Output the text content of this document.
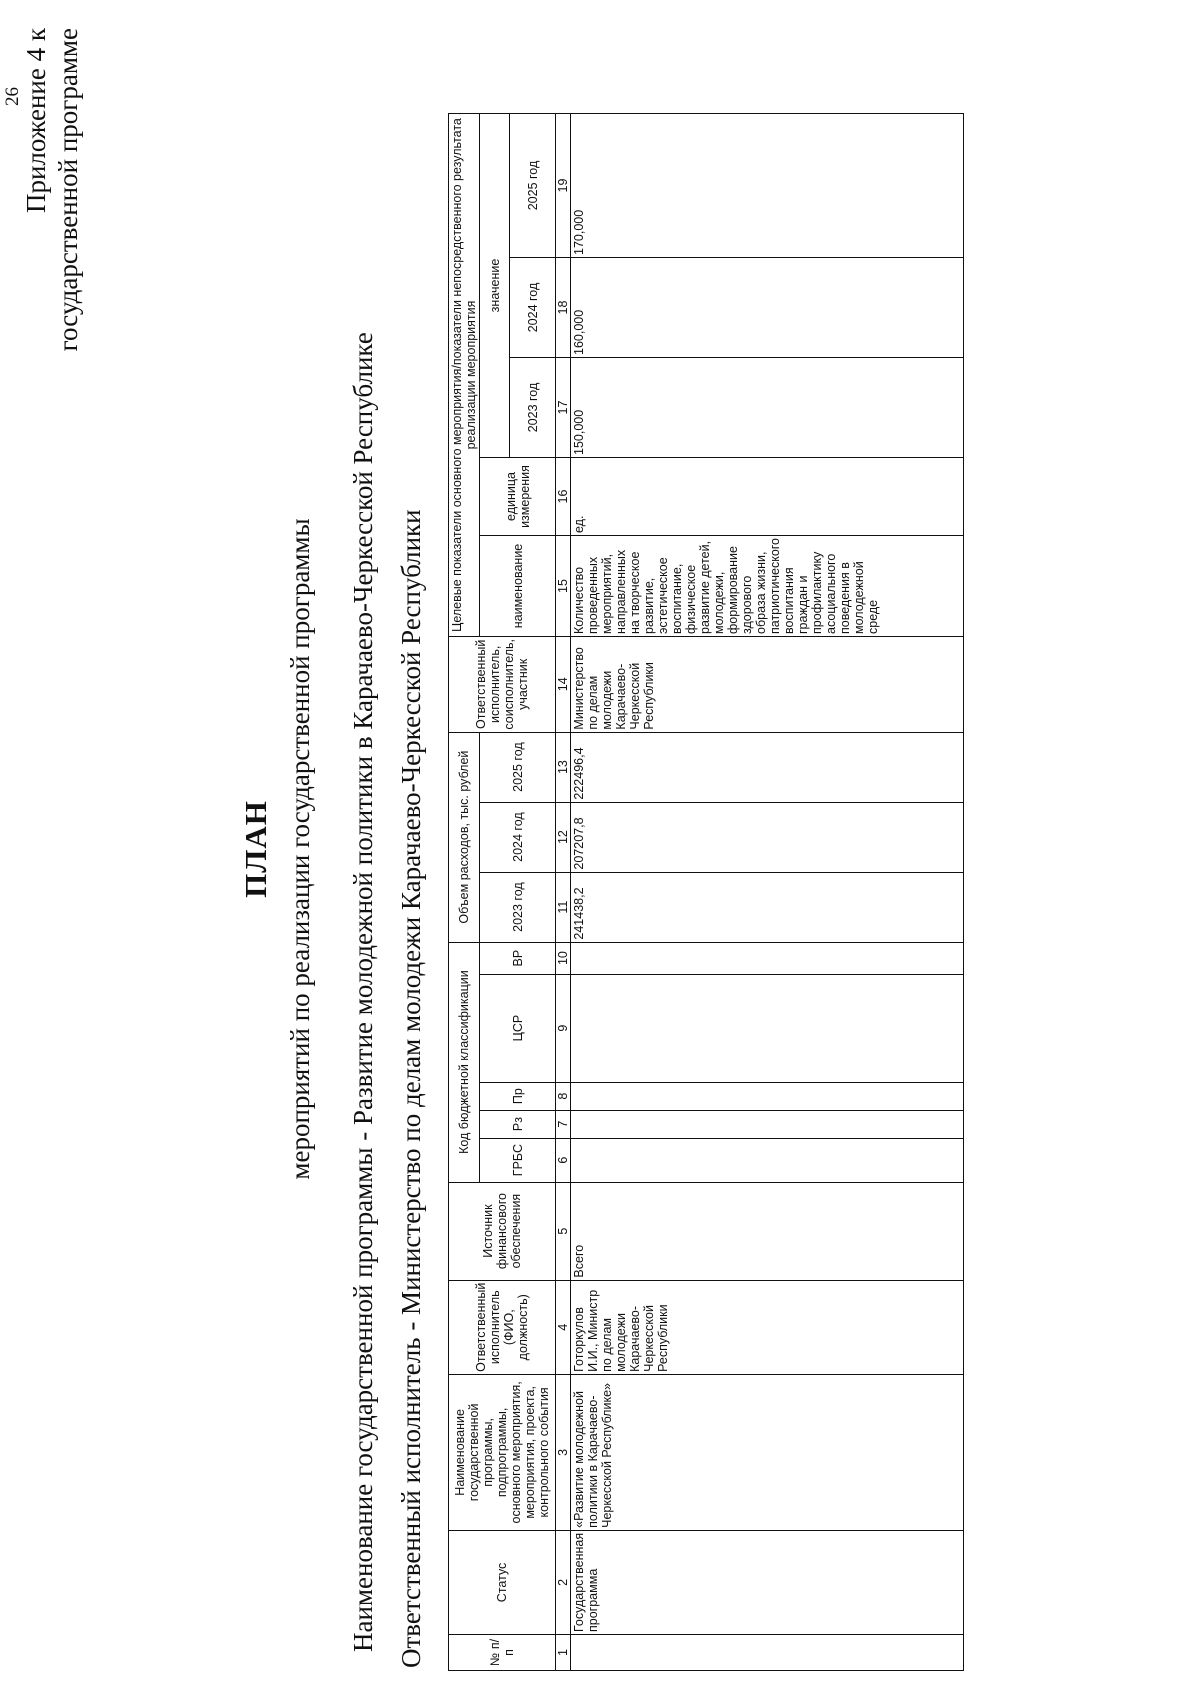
26
Приложение 4 к государственной программе
ПЛАН мероприятий по реализации государственной программы Наименование государственной программы - Развитие молодежной политики в Карачаево-Черкесской Республике Ответственный исполнитель - Министерство по делам молодежи Карачаево-Черкесской Республики	№ п/п	Статус	Наименование государственной программы, подпрограммы, основного мероприятия, мероприятия, проекта, контрольного события	Ответственный исполнитель (ФИО, должность)	Источник финансового обеспечения	Код бюджетной классификации					Объем расходов, тыс. рублей			Ответственный исполнитель, соисполнитель, участник	Целевые показатели основного мероприятия/показатели непосредственного результата реализации мероприятия				
					ГРБС	Рз	Пр	ЦСР	ВР	2023 год	2024 год	2025 год		наименование	единица измерения	значение		
																2023 год	2024 год	2025 год
1	2	3	4	5	6	7	8	9	10	11	12	13	14	15	16	17	18	19
	Государственная программа	«Развитие молодежной политики в Карачаево-Черкесской Республике»	Готоркулов И.И., Министр по делам молодежи Карачаево-Черкесской Республики	Всего						241438,2	207207,8	222496,4	Министерство по делам молодежи Карачаево-Черкесской Республики	Количество проведенных мероприятий, направленных на творческое развитие, эстетическое воспитание, физическое развитие детей, молодежи, формирование здорового образа жизни, патриотического воспитания граждан и профилактику асоциального поведения в молодежной среде	ед.	150,000	160,000	170,000
